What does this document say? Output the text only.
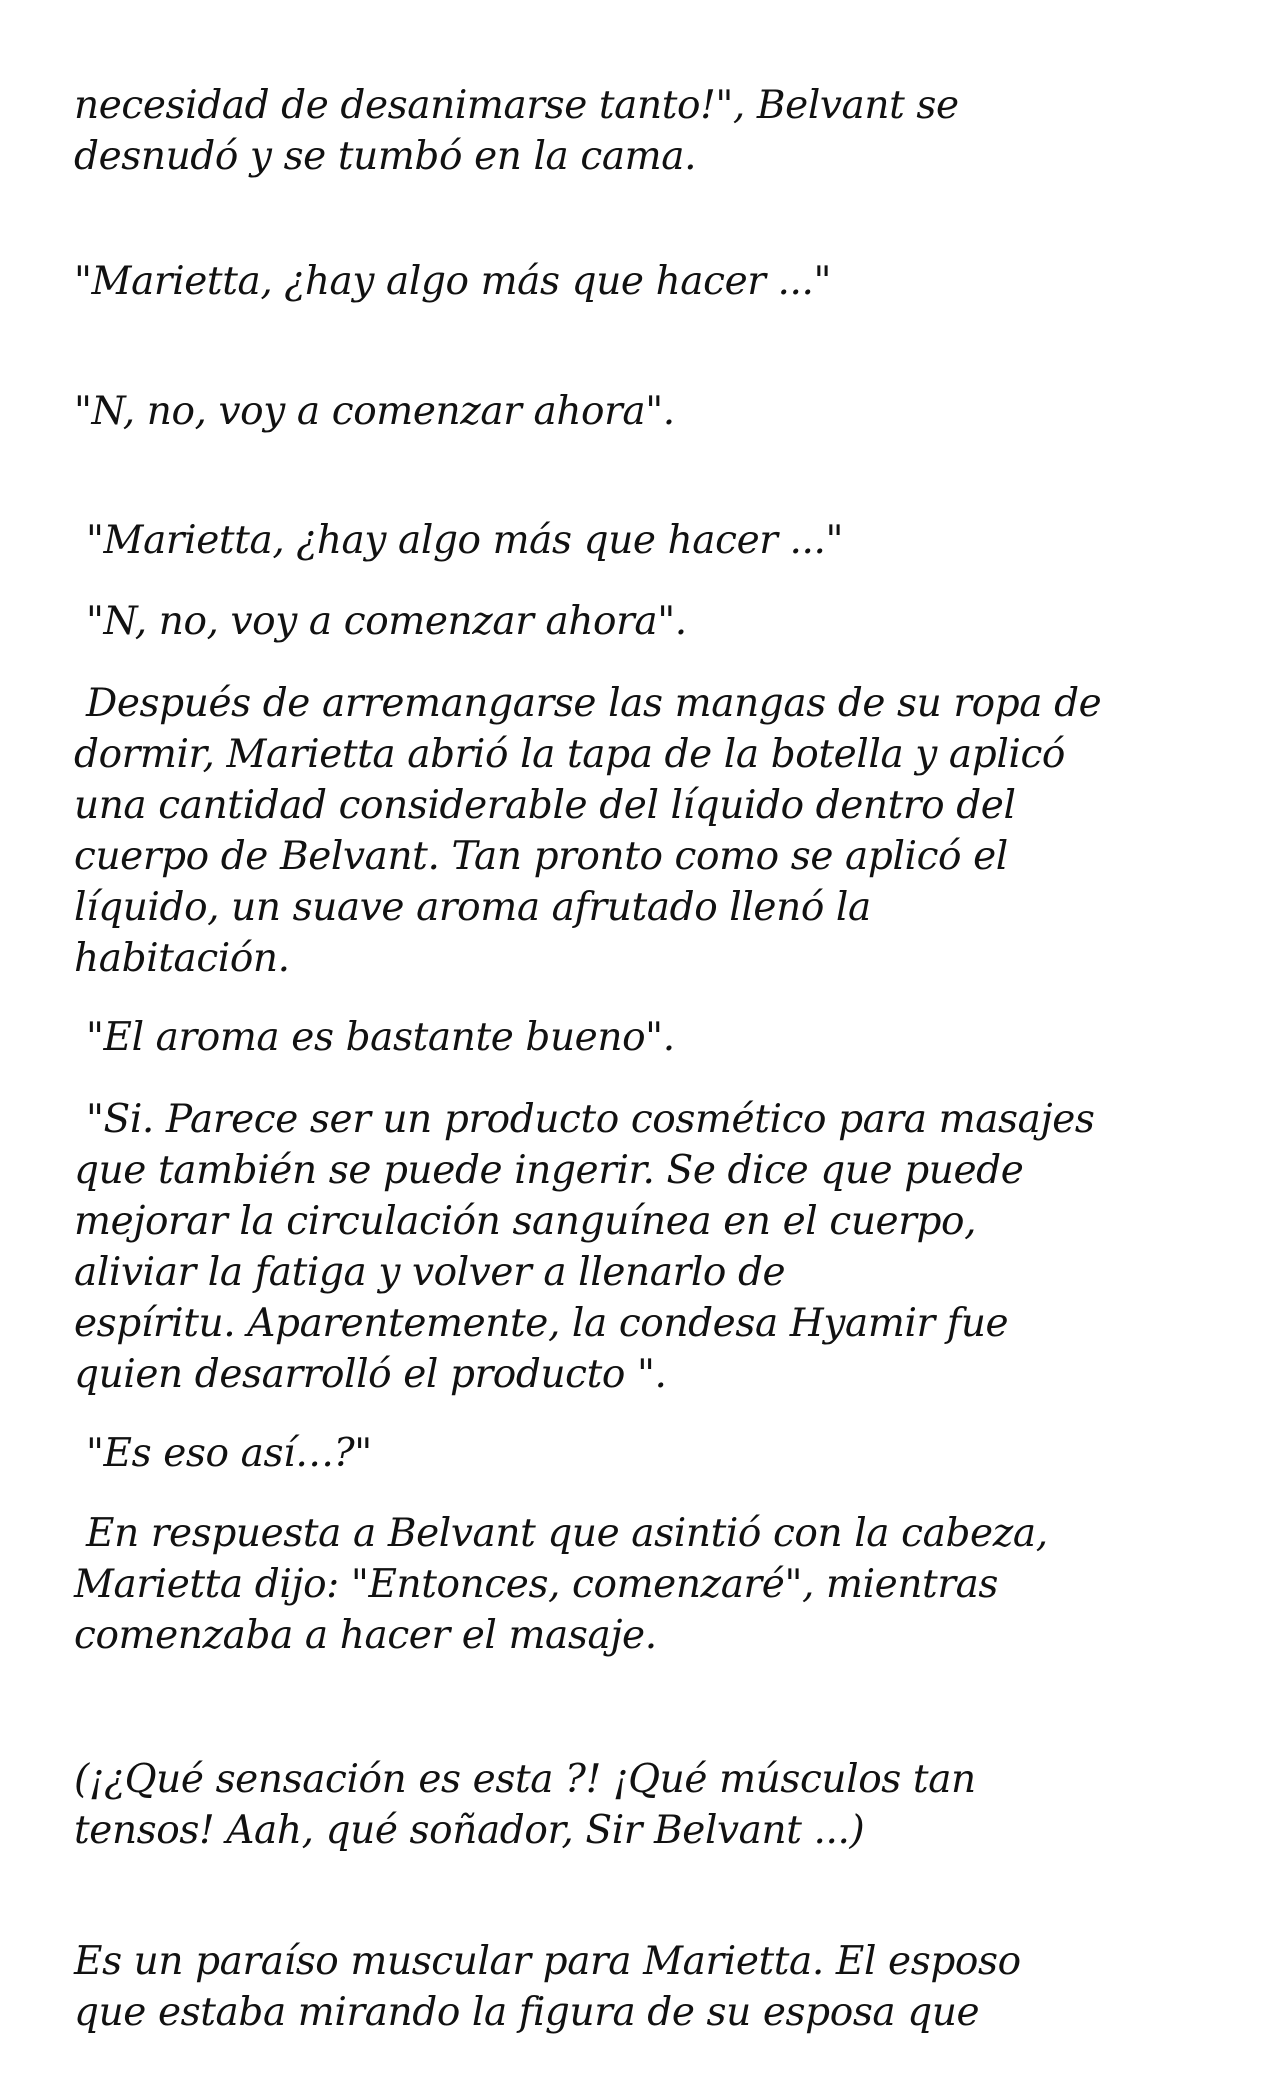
necesidad de desanimarse tanto!", Belvant se
desnudó y se tumbó en la cama.

"Marietta, ¿hay algo más que hacer ..."

"N, no, voy a comenzar ahora".

"Marietta, ¿hay algo más que hacer ..."

"N, no, voy a comenzar ahora".

Después de arremangarse las mangas de su ropa de
dormir, Marietta abrió la tapa de la botella y aplicó
una cantidad considerable del líquido dentro del
cuerpo de Belvant. Tan pronto como se aplicó el
líquido, un suave aroma afrutado llenó la
habitación.

"El aroma es bastante bueno".

"Si. Parece ser un producto cosmético para masajes
que también se puede ingerir. Se dice que puede
mejorar la circulación sanguínea en el cuerpo,
aliviar la fatiga y volver a llenarlo de
espíritu. Aparentemente, la condesa Hyamir fue
quien desarrolló el producto ".

"Es eso así…?"

En respuesta a Belvant que asintió con la cabeza,
Marietta dijo: "Entonces, comenzaré", mientras
comenzaba a hacer el masaje.

(¡¿Qué sensación es esta ?! ¡Qué músculos tan
tensos! Aah, qué soñador, Sir Belvant ...)

Es un paraíso muscular para Marietta. El esposo
que estaba mirando la figura de su esposa que
